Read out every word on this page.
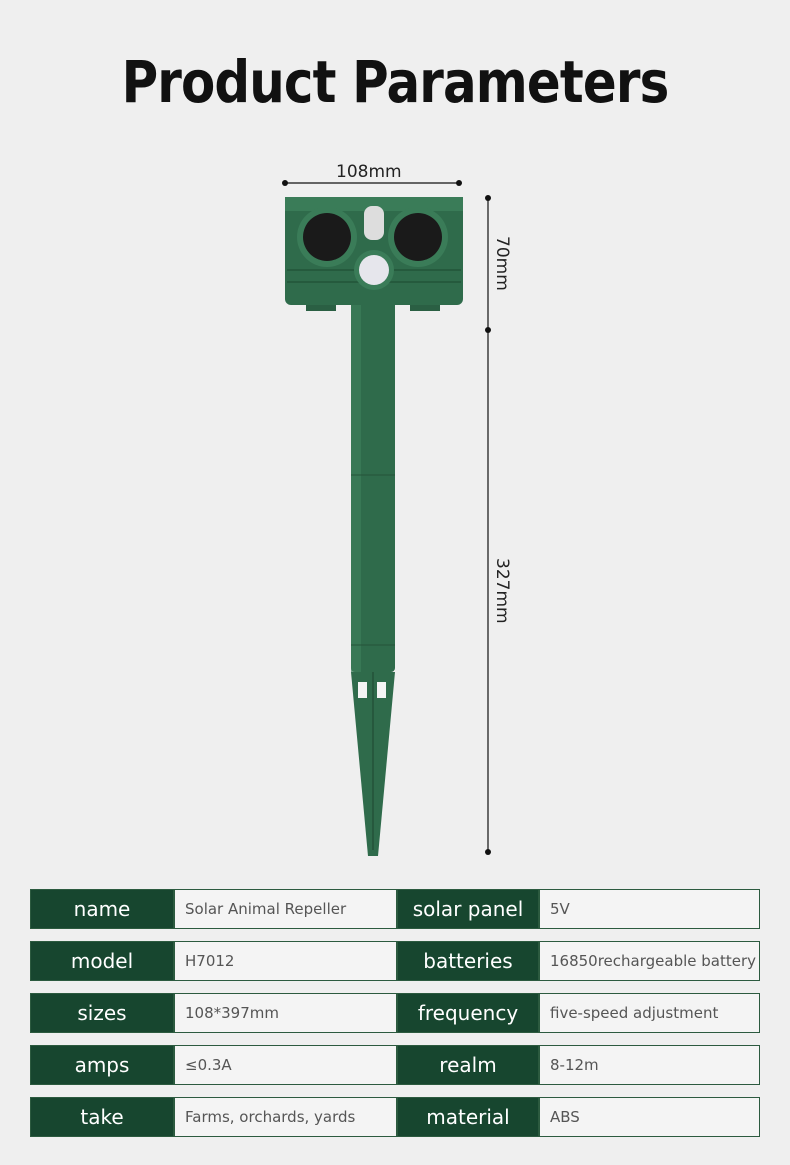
Product Parameters
108mm
70mm
327mm
name	Solar Animal Repeller	solar panel	5V
model	H7012	batteries	16850rechargeable battery
sizes	108*397mm	frequency	five-speed adjustment
amps	≤0.3A	realm	8-12m
take	Farms, orchards, yards	material	ABS
